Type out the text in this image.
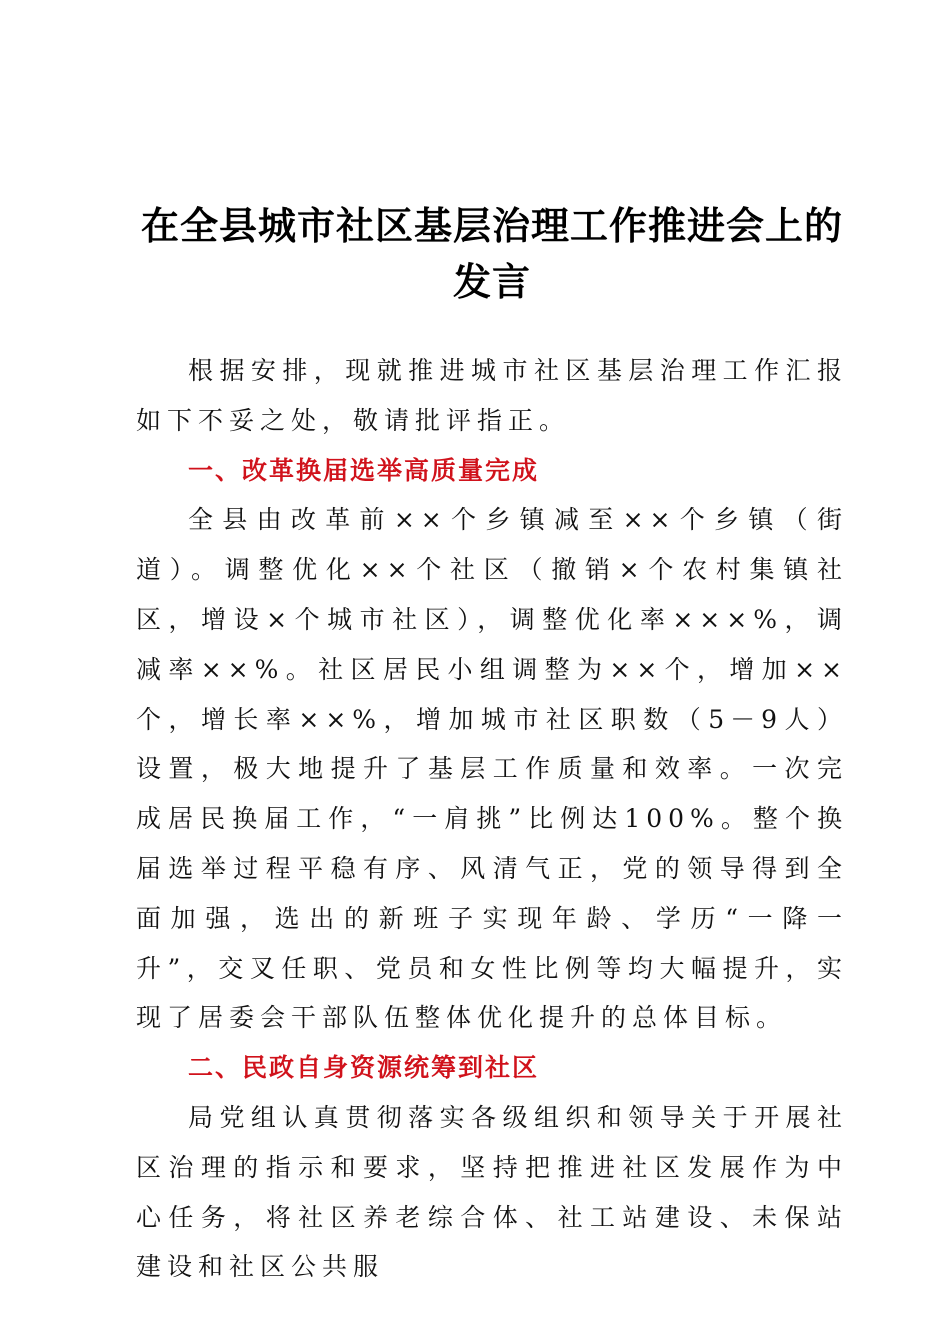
在全县城市社区基层治理工作推进会上的发言

根据安排，现就推进城市社区基层治理工作汇报如下不妥之处，敬请批评指正。

一、改革换届选举高质量完成

全县由改革前××个乡镇减至××个乡镇（街道）。调整优化××个社区（撤销×个农村集镇社区，增设×个城市社区），调整优化率×××%，调减率××%。社区居民小组调整为××个，增加××个，增长率××%，增加城市社区职数（5－9人）设置，极大地提升了基层工作质量和效率。一次完成居民换届工作，“一肩挑”比例达100%。整个换届选举过程平稳有序、风清气正，党的领导得到全面加强，选出的新班子实现年龄、学历“一降一升”，交叉任职、党员和女性比例等均大幅提升，实现了居委会干部队伍整体优化提升的总体目标。

二、民政自身资源统筹到社区

局党组认真贯彻落实各级组织和领导关于开展社区治理的指示和要求，坚持把推进社区发展作为中心任务，将社区养老综合体、社工站建设、未保站建设和社区公共服
